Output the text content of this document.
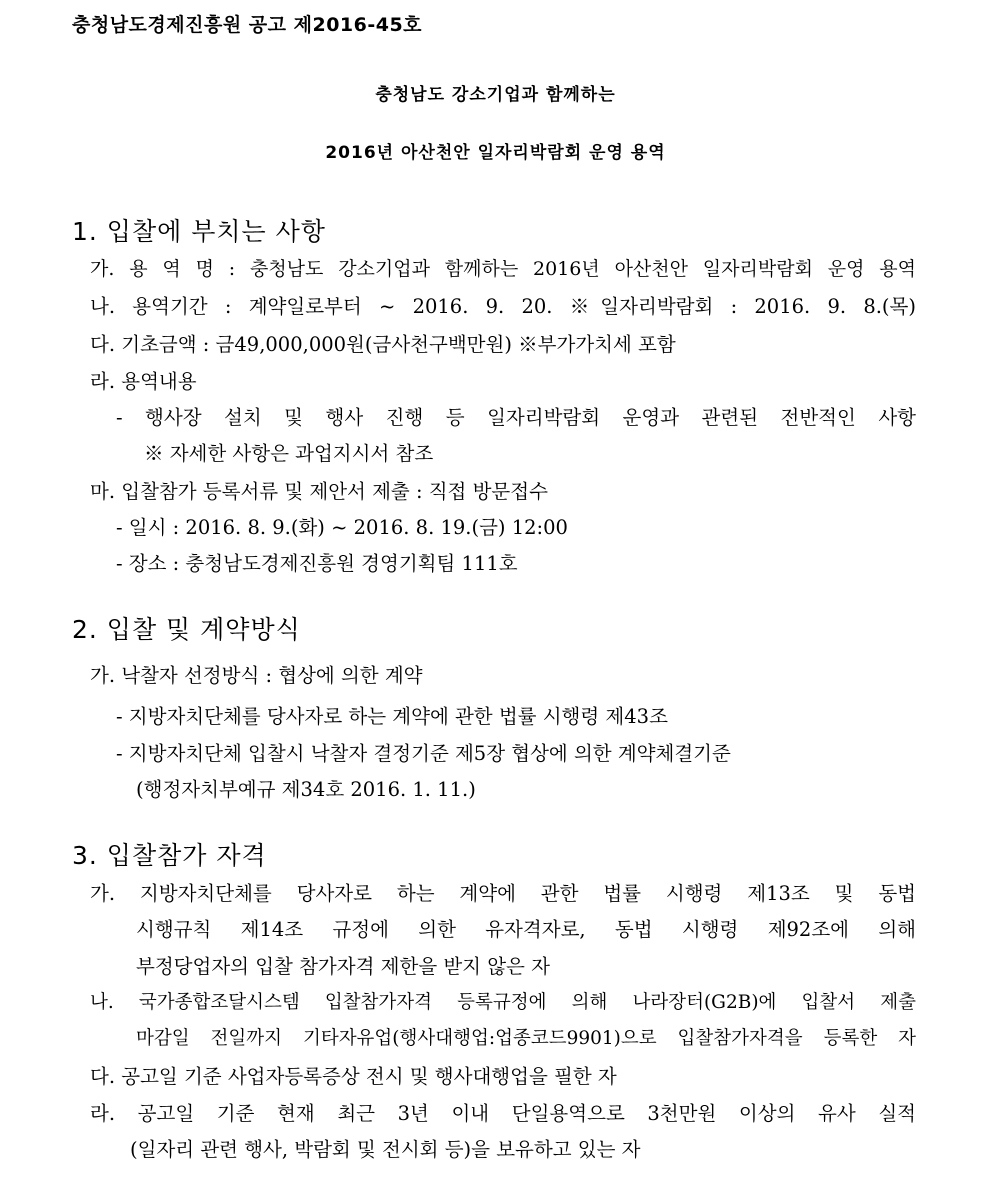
충청남도경제진흥원 공고 제2016-45호
충청남도 강소기업과 함께하는
2016년 아산천안 일자리박람회 운영 용역
1. 입찰에 부치는 사항
가. 용 역 명 : 충청남도 강소기업과 함께하는 2016년 아산천안 일자리박람회 운영 용역
나. 용역기간 : 계약일로부터 ~ 2016. 9. 20. ※일자리박람회 : 2016. 9. 8.(목)
다. 기초금액 : 금49,000,000원(금사천구백만원) ※부가가치세 포함
라. 용역내용
- 행사장 설치 및 행사 진행 등 일자리박람회 운영과 관련된 전반적인 사항
※ 자세한 사항은 과업지시서 참조
마. 입찰참가 등록서류 및 제안서 제출 : 직접 방문접수
- 일시 : 2016. 8. 9.(화) ~ 2016. 8. 19.(금) 12:00
- 장소 : 충청남도경제진흥원 경영기획팀 111호
2. 입찰 및 계약방식
가. 낙찰자 선정방식 : 협상에 의한 계약
- 지방자치단체를 당사자로 하는 계약에 관한 법률 시행령 제43조
- 지방자치단체 입찰시 낙찰자 결정기준 제5장 협상에 의한 계약체결기준
(행정자치부예규 제34호 2016. 1. 11.)
3. 입찰참가 자격
가. 지방자치단체를 당사자로 하는 계약에 관한 법률 시행령 제13조 및 동법
시행규칙 제14조 규정에 의한 유자격자로, 동법 시행령 제92조에 의해
부정당업자의 입찰 참가자격 제한을 받지 않은 자
나. 국가종합조달시스템 입찰참가자격 등록규정에 의해 나라장터(G2B)에 입찰서 제출
마감일 전일까지 기타자유업(행사대행업:업종코드9901)으로 입찰참가자격을 등록한 자
다. 공고일 기준 사업자등록증상 전시 및 행사대행업을 필한 자
라. 공고일 기준 현재 최근 3년 이내 단일용역으로 3천만원 이상의 유사 실적
(일자리 관련 행사, 박람회 및 전시회 등)을 보유하고 있는 자
